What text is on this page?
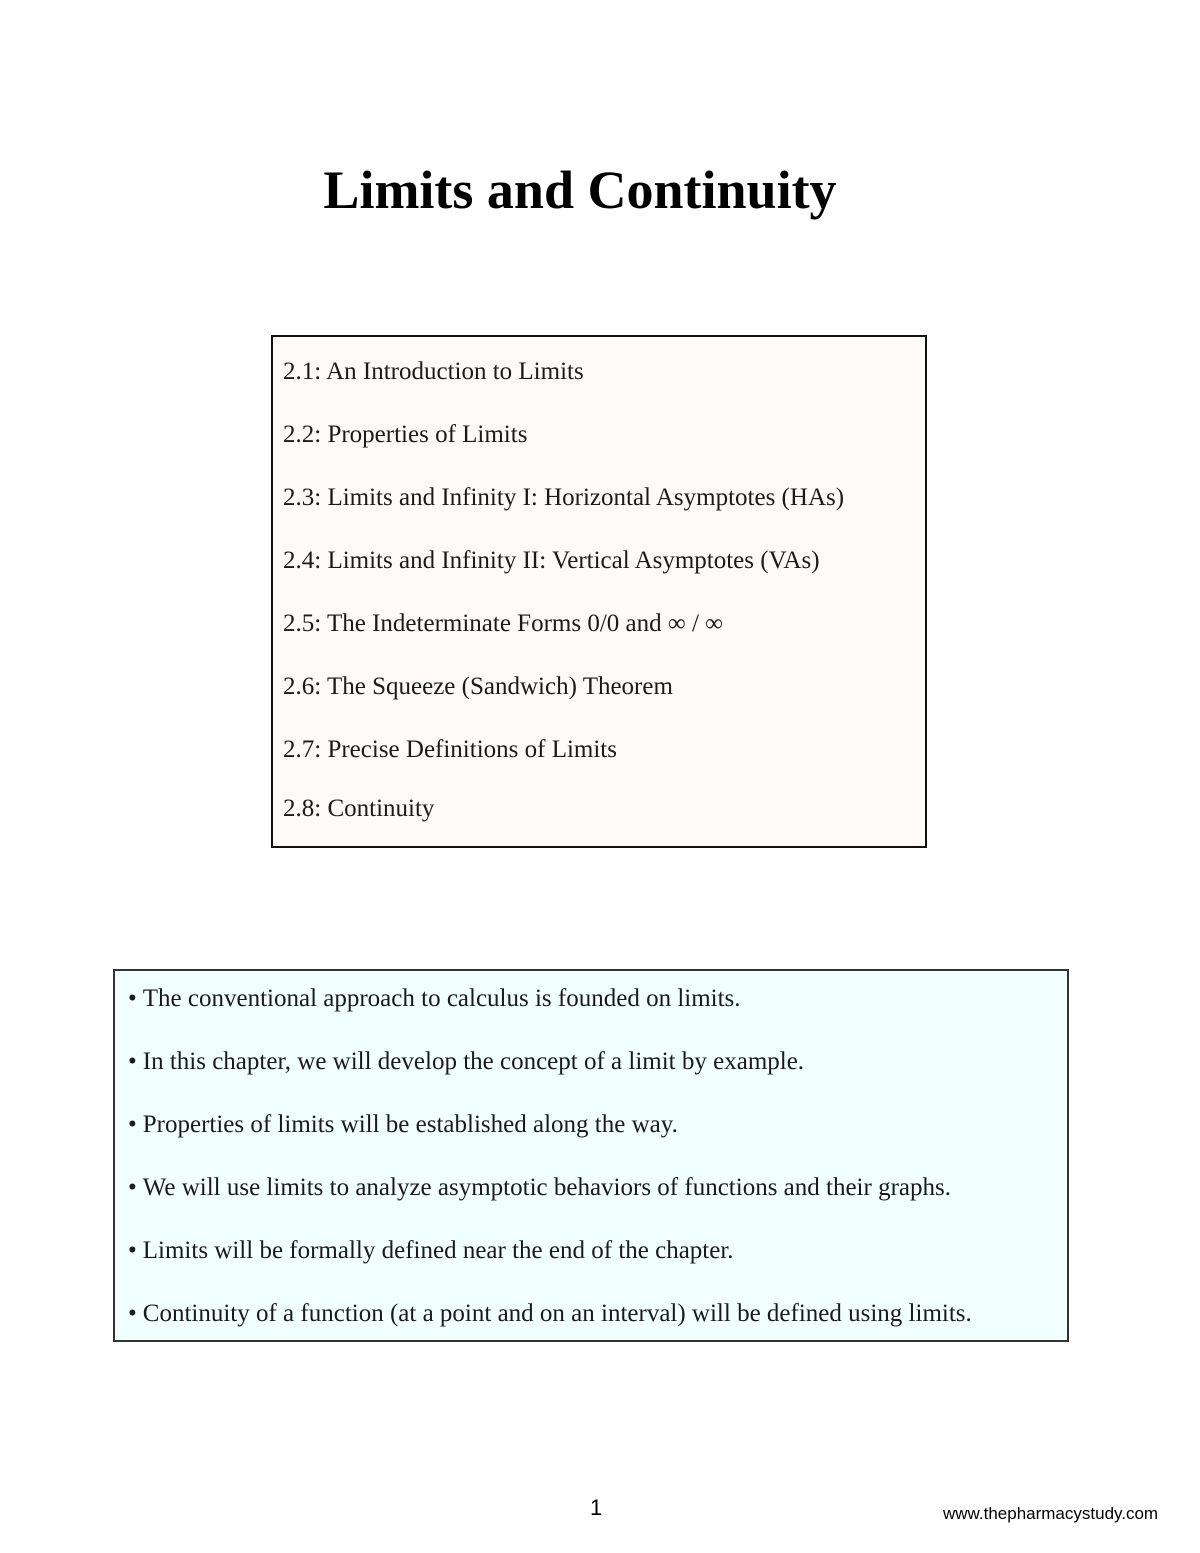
Limits and Continuity
2.1: An Introduction to Limits
2.2: Properties of Limits
2.3: Limits and Infinity I: Horizontal Asymptotes (HAs)
2.4: Limits and Infinity II: Vertical Asymptotes (VAs)
2.5: The Indeterminate Forms 0/0 and ∞ / ∞
2.6: The Squeeze (Sandwich) Theorem
2.7: Precise Definitions of Limits
2.8: Continuity
• The conventional approach to calculus is founded on limits.
• In this chapter, we will develop the concept of a limit by example.
• Properties of limits will be established along the way.
• We will use limits to analyze asymptotic behaviors of functions and their graphs.
• Limits will be formally defined near the end of the chapter.
• Continuity of a function (at a point and on an interval) will be defined using limits.
1	www.thepharmacystudy.com
